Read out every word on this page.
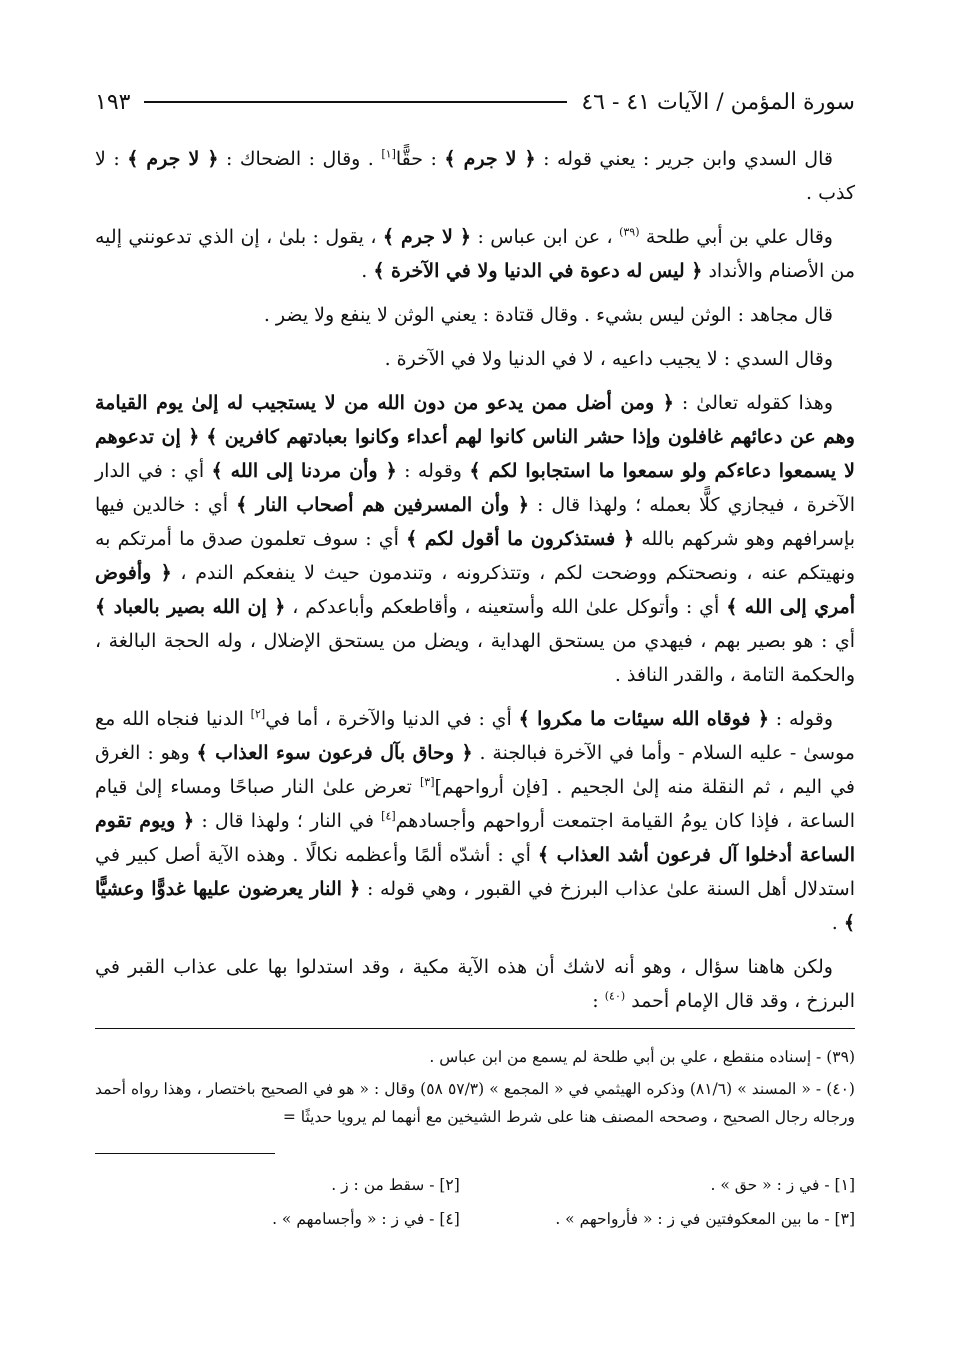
سورة المؤمن / الآيات ٤١ - ٤٦
١٩٣

قال السدي وابن جرير : يعني قوله : ﴿ لا جرم ﴾ : حقًّا[١] . وقال : الضحاك : ﴿ لا جرم ﴾ : لا كذب .

وقال علي بن أبي طلحة $^{(٣٩)}$ ، عن ابن عباس : ﴿ لا جرم ﴾ ، يقول : بلىٰ ، إن الذي تدعونني إليه من الأصنام والأنداد ﴿ ليس له دعوة في الدنيا ولا في الآخرة ﴾ .

قال مجاهد : الوثن ليس بشيء . وقال قتادة : يعني الوثن لا ينفع ولا يضر .

وقال السدي : لا يجيب داعيه ، لا في الدنيا ولا في الآخرة .

وهذا كقوله تعالىٰ : ﴿ ومن أضل ممن يدعو من دون الله من لا يستجيب له إلىٰ يوم القيامة وهم عن دعائهم غافلون وإذا حشر الناس كانوا لهم أعداء وكانوا بعبادتهم كافرين ﴾ ﴿ إن تدعوهم لا يسمعوا دعاءكم ولو سمعوا ما استجابوا لكم ﴾ وقوله : ﴿ وأن مردنا إلى الله ﴾ أي : في الدار الآخرة ، فيجازي كلًّا بعمله ؛ ولهذا قال : ﴿ وأن المسرفين هم أصحاب النار ﴾ أي : خالدين فيها بإسرافهم وهو شركهم بالله ﴿ فستذكرون ما أقول لكم ﴾ أي : سوف تعلمون صدق ما أمرتكم به ونهيتكم عنه ، ونصحتكم ووضحت لكم ، وتتذكرونه ، وتندمون حيث لا ينفعكم الندم ، ﴿ وأفوض أمري إلى الله ﴾ أي : وأتوكل علىٰ الله وأستعينه ، وأقاطعكم وأباعدكم ، ﴿ إن الله بصير بالعباد ﴾ أي : هو بصير بهم ، فيهدي من يستحق الهداية ، ويضل من يستحق الإضلال ، وله الحجة البالغة ، والحكمة التامة ، والقدر النافذ .

وقوله : ﴿ فوقاه الله سيئات ما مكروا ﴾ أي : في الدنيا والآخرة ، أما في[٢] الدنيا فنجاه الله مع موسىٰ - عليه السلام - وأما في الآخرة فبالجنة . ﴿ وحاق بآل فرعون سوء العذاب ﴾ وهو : الغرق في اليم ، ثم النقلة منه إلىٰ الجحيم . [فإن أرواحهم][٣] تعرض علىٰ النار صباحًا ومساء إلىٰ قيام الساعة ، فإذا كان يومُ القيامة اجتمعت أرواحهم وأجسادهم[٤] في النار ؛ ولهذا قال : ﴿ ويوم تقوم الساعة أدخلوا آل فرعون أشد العذاب ﴾ أي : أشدّه ألمًا وأعظمه نكالًا . وهذه الآية أصل كبير في استدلال أهل السنة علىٰ عذاب البرزخ في القبور ، وهي قوله : ﴿ النار يعرضون عليها غدوًّا وعشيًّا ﴾ .

ولكن هاهنا سؤال ، وهو أنه لاشك أن هذه الآية مكية ، وقد استدلوا بها على عذاب القبر في البرزخ ، وقد قال الإمام أحمد $^{(٤٠)}$ :

(٣٩) - إسناده منقطع ، علي بن أبي طلحة لم يسمع من ابن عباس .

(٤٠) - « المسند » (٨١/٦) وذكره الهيثمي في « المجمع » (٥٧/٣ ٥٨) وقال : « هو في الصحيح باختصار ، وهذا رواه أحمد ورجاله رجال الصحيح ، وصححه المصنف هنا على شرط الشيخين مع أنهما لم يرويا حديثًا =

[١] - في ز : « حق » .
[٢] - سقط من : ز .
[٣] - ما بين المعكوفتين في ز : « فأرواحهم » .
[٤] - في ز : « وأجسامهم » .
